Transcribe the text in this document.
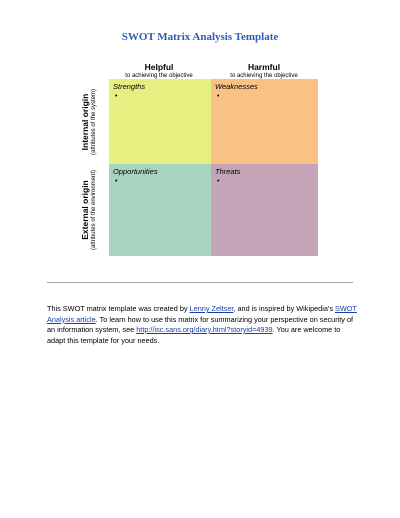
SWOT Matrix Analysis Template
Helpful
to achieving the objective
Harmful
to achieving the objective
Internal origin (attributes of the system)
External origin (attributes of the environment)
Strengths
•
Weaknesses
•
Opportunities
•
Threats
•
This SWOT matrix template was created by Lenny Zeltser, and is inspired by Wikipedia's SWOT Analysis article. To learn how to use this matrix for summarizing your perspective on security of an information system, see http://isc.sans.org/diary.html?storyid=4939. You are welcome to adapt this template for your needs.
